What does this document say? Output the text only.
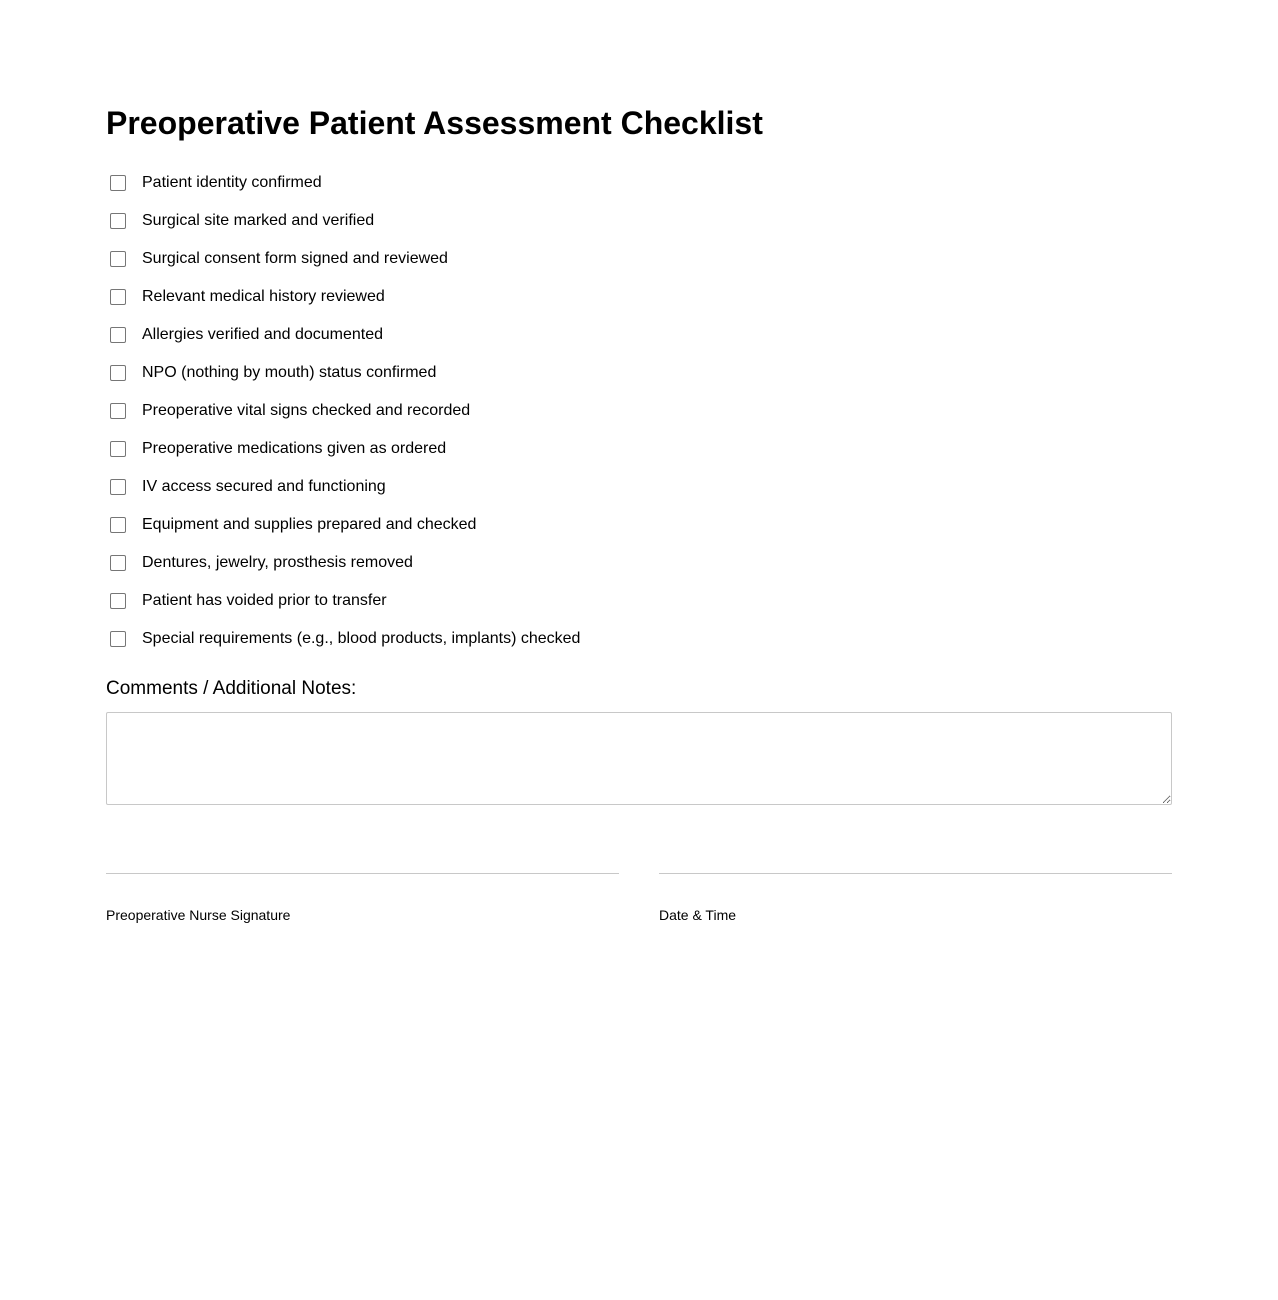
Preoperative Patient Assessment Checklist
Patient identity confirmed
Surgical site marked and verified
Surgical consent form signed and reviewed
Relevant medical history reviewed
Allergies verified and documented
NPO (nothing by mouth) status confirmed
Preoperative vital signs checked and recorded
Preoperative medications given as ordered
IV access secured and functioning
Equipment and supplies prepared and checked
Dentures, jewelry, prosthesis removed
Patient has voided prior to transfer
Special requirements (e.g., blood products, implants) checked
Comments / Additional Notes:
Preoperative Nurse Signature	Date & Time
